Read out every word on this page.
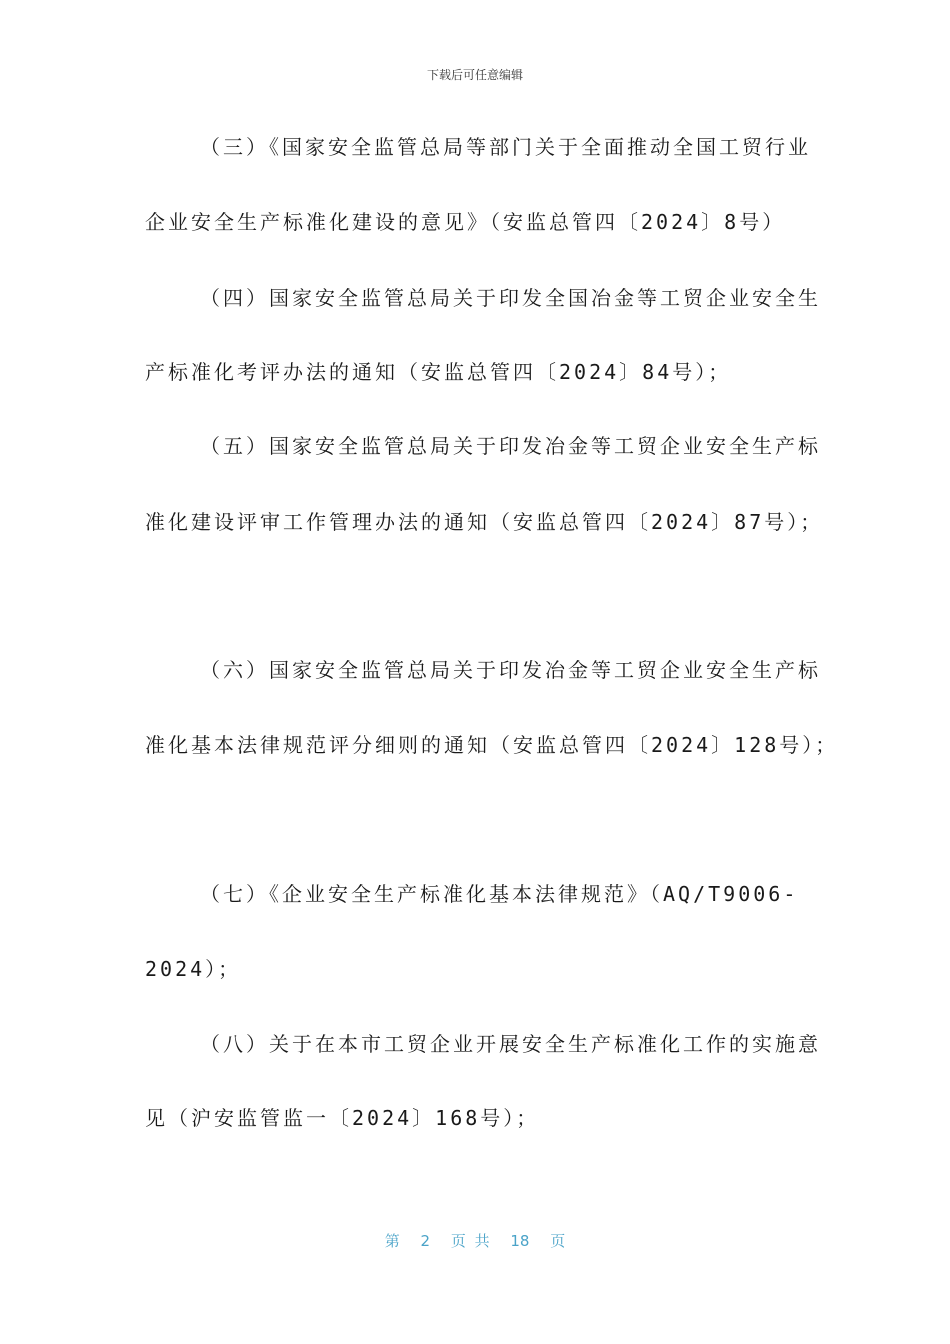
下载后可任意编辑
（三）《国家安全监管总局等部门关于全面推动全国工贸行业
企业安全生产标准化建设的意见》（安监总管四〔2024〕8号）
（四）国家安全监管总局关于印发全国冶金等工贸企业安全生
产标准化考评办法的通知（安监总管四〔2024〕84号）；
（五）国家安全监管总局关于印发冶金等工贸企业安全生产标
准化建设评审工作管理办法的通知（安监总管四〔2024〕87号）；
（六）国家安全监管总局关于印发冶金等工贸企业安全生产标
准化基本法律规范评分细则的通知（安监总管四〔2024〕128号）；
（七）《企业安全生产标准化基本法律规范》（AQ/T9006-
2024）；
（八）关于在本市工贸企业开展安全生产标准化工作的实施意
见（沪安监管监一〔2024〕168号）；
第 2 页 共 18 页
